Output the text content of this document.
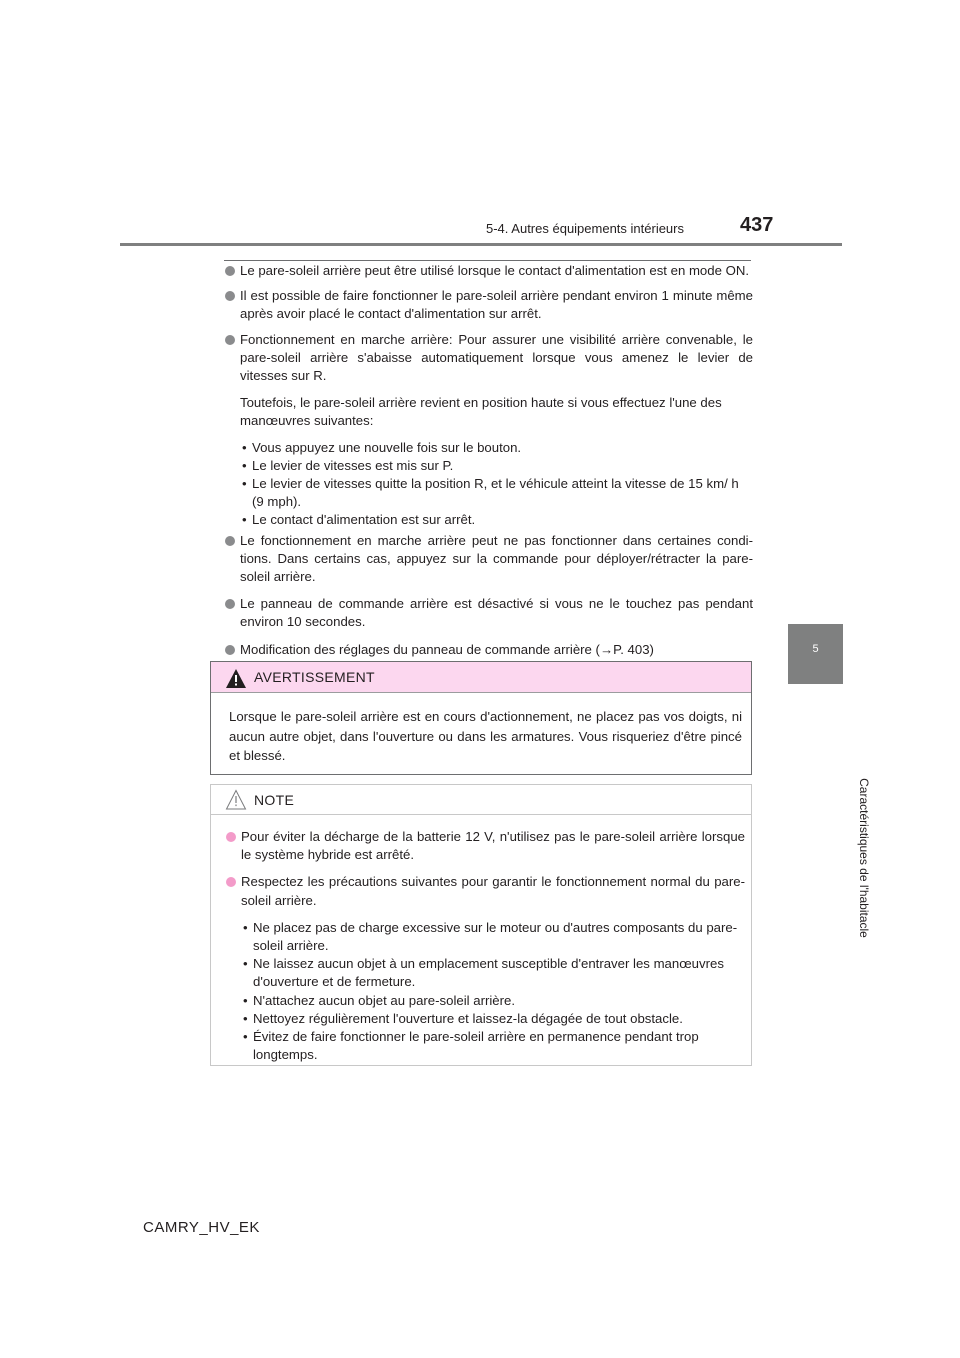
5-4. Autres équipements intérieurs	437
5
Caractéristiques de l'habitacle
Le pare-soleil arrière peut être utilisé lorsque le contact d'alimentation est en mode ON.
Il est possible de faire fonctionner le pare-soleil arrière pendant environ 1 minute même après avoir placé le contact d'alimentation sur arrêt.
Fonctionnement en marche arrière: Pour assurer une visibilité arrière convenable, le pare-soleil arrière s'abaisse automatiquement lorsque vous amenez le levier de vitesses sur R.
Toutefois, le pare-soleil arrière revient en position haute si vous effectuez l'une des manœuvres suivantes:
• Vous appuyez une nouvelle fois sur le bouton.
• Le levier de vitesses est mis sur P.
• Le levier de vitesses quitte la position R, et le véhicule atteint la vitesse de 15 km/ h (9 mph).
• Le contact d'alimentation est sur arrêt.
Le fonctionnement en marche arrière peut ne pas fonctionner dans certaines condi- tions. Dans certains cas, appuyez sur la commande pour déployer/rétracter la pare- soleil arrière.
Le panneau de commande arrière est désactivé si vous ne le touchez pas pendant environ 10 secondes.
Modification des réglages du panneau de commande arrière (→P. 403)
AVERTISSEMENT
Lorsque le pare-soleil arrière est en cours d'actionnement, ne placez pas vos doigts, ni aucun autre objet, dans l'ouverture ou dans les armatures. Vous risqueriez d'être pincé et blessé.
NOTE
Pour éviter la décharge de la batterie 12 V, n'utilisez pas le pare-soleil arrière lorsque le système hybride est arrêté.
Respectez les précautions suivantes pour garantir le fonctionnement normal du pare-soleil arrière.
• Ne placez pas de charge excessive sur le moteur ou d'autres composants du pare-soleil arrière.
• Ne laissez aucun objet à un emplacement susceptible d'entraver les manœuvres d'ouverture et de fermeture.
• N'attachez aucun objet au pare-soleil arrière.
• Nettoyez régulièrement l'ouverture et laissez-la dégagée de tout obstacle.
• Évitez de faire fonctionner le pare-soleil arrière en permanence pendant trop longtemps.
CAMRY_HV_EK
